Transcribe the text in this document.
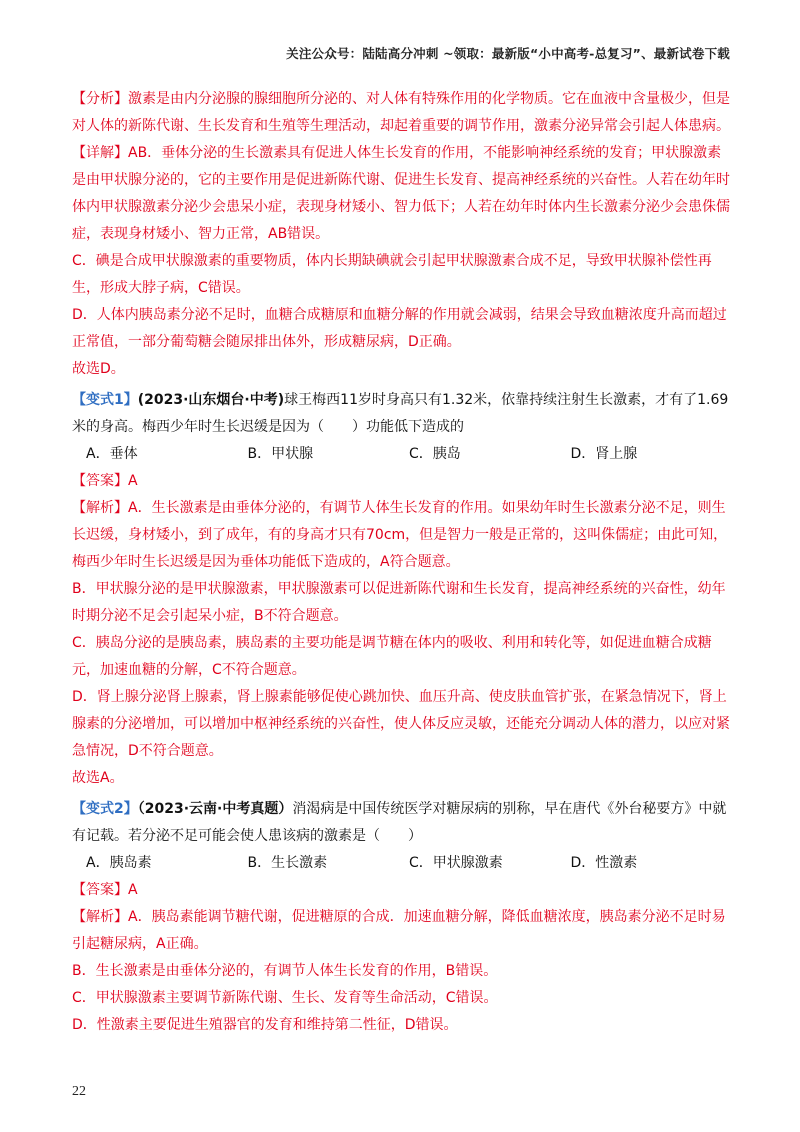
关注公众号：陆陆高分冲刺 ~领取：最新版“小中高考-总复习”、最新试卷下载

【分析】激素是由内分泌腺的腺细胞所分泌的、对人体有特殊作用的化学物质。它在血液中含量极少，但是对人体的新陈代谢、生长发育和生殖等生理活动，却起着重要的调节作用，激素分泌异常会引起人体患病。

【详解】AB．垂体分泌的生长激素具有促进人体生长发育的作用，不能影响神经系统的发育；甲状腺激素是由甲状腺分泌的，它的主要作用是促进新陈代谢、促进生长发育、提高神经系统的兴奋性。人若在幼年时体内甲状腺激素分泌少会患呆小症，表现身材矮小、智力低下；人若在幼年时体内生长激素分泌少会患侏儒症，表现身材矮小、智力正常，AB错误。

C．碘是合成甲状腺激素的重要物质，体内长期缺碘就会引起甲状腺激素合成不足，导致甲状腺补偿性再生，形成大脖子病，C错误。

D．人体内胰岛素分泌不足时，血糖合成糖原和血糖分解的作用就会减弱，结果会导致血糖浓度升高而超过正常值，一部分葡萄糖会随尿排出体外，形成糖尿病，D正确。

故选D。

【变式1】(2023·山东烟台·中考)球王梅西11岁时身高只有1.32米，依靠持续注射生长激素，才有了1.69米的身高。梅西少年时生长迟缓是因为（　　）功能低下造成的

A．垂体	B．甲状腺	C．胰岛	D．肾上腺

【答案】A

【解析】A．生长激素是由垂体分泌的，有调节人体生长发育的作用。如果幼年时生长激素分泌不足，则生长迟缓，身材矮小，到了成年，有的身高才只有70cm，但是智力一般是正常的，这叫侏儒症；由此可知，梅西少年时生长迟缓是因为垂体功能低下造成的，A符合题意。

B．甲状腺分泌的是甲状腺激素，甲状腺激素可以促进新陈代谢和生长发育，提高神经系统的兴奋性，幼年时期分泌不足会引起呆小症，B不符合题意。

C．胰岛分泌的是胰岛素，胰岛素的主要功能是调节糖在体内的吸收、利用和转化等，如促进血糖合成糖元，加速血糖的分解，C不符合题意。

D．肾上腺分泌肾上腺素，肾上腺素能够促使心跳加快、血压升高、使皮肤血管扩张，在紧急情况下，肾上腺素的分泌增加，可以增加中枢神经系统的兴奋性，使人体反应灵敏，还能充分调动人体的潜力，以应对紧急情况，D不符合题意。

故选A。

【变式2】（2023·云南·中考真题）消渴病是中国传统医学对糖尿病的别称，早在唐代《外台秘要方》中就有记载。若分泌不足可能会使人患该病的激素是（　　）

A．胰岛素	B．生长激素	C．甲状腺激素	D．性激素

【答案】A

【解析】A．胰岛素能调节糖代谢，促进糖原的合成．加速血糖分解，降低血糖浓度，胰岛素分泌不足时易引起糖尿病，A正确。

B．生长激素是由垂体分泌的，有调节人体生长发育的作用，B错误。

C．甲状腺激素主要调节新陈代谢、生长、发育等生命活动，C错误。

D．性激素主要促进生殖器官的发育和维持第二性征，D错误。

22
